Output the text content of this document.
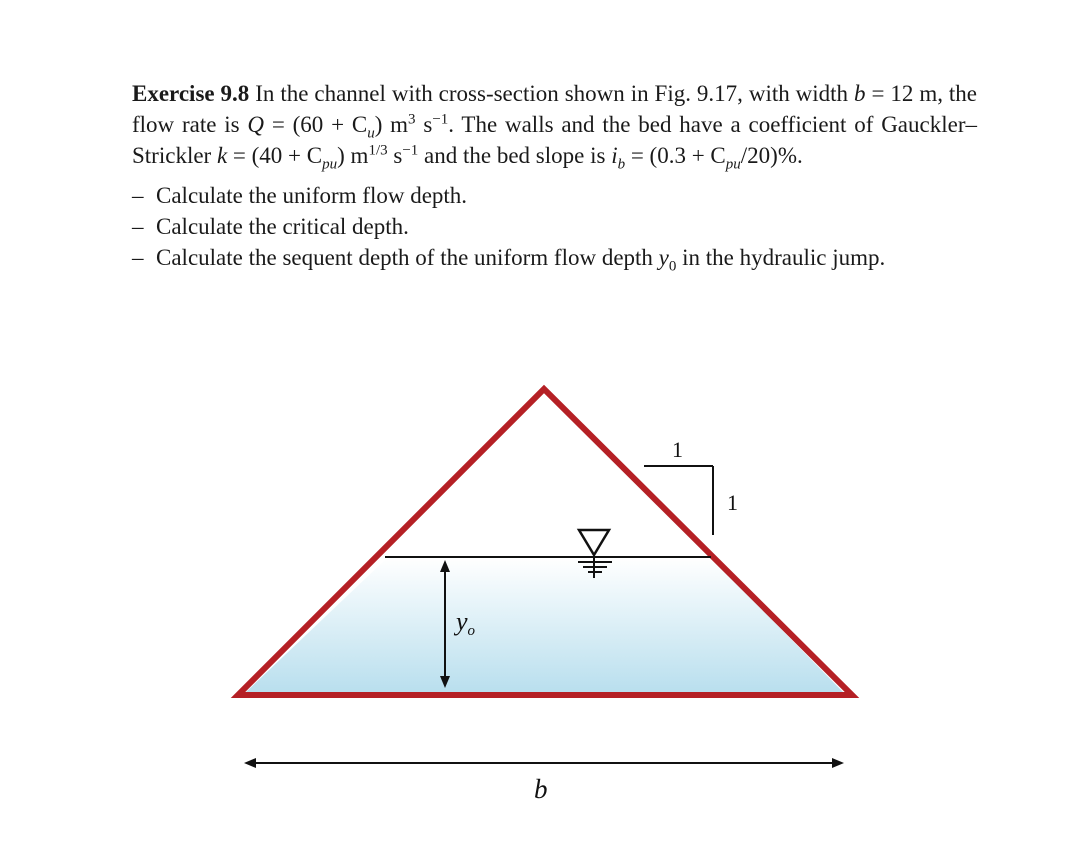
Exercise 9.8 In the channel with cross-section shown in Fig. 9.17, with width b = 12 m, the flow rate is $Q = (60 + C_u)$ $m^3$ $s^{-1}$. The walls and the bed have a coefficient of Gauckler–Strickler $k = (40 + C_{pu})$ $m^{1/3}$ $s^{-1}$ and the bed slope is $i_b = (0.3 + C_{pu}/20)\%$.

– Calculate the uniform flow depth.
– Calculate the critical depth.
– Calculate the sequent depth of the uniform flow depth $y_0$ in the hydraulic jump.
yo
1
1
b
